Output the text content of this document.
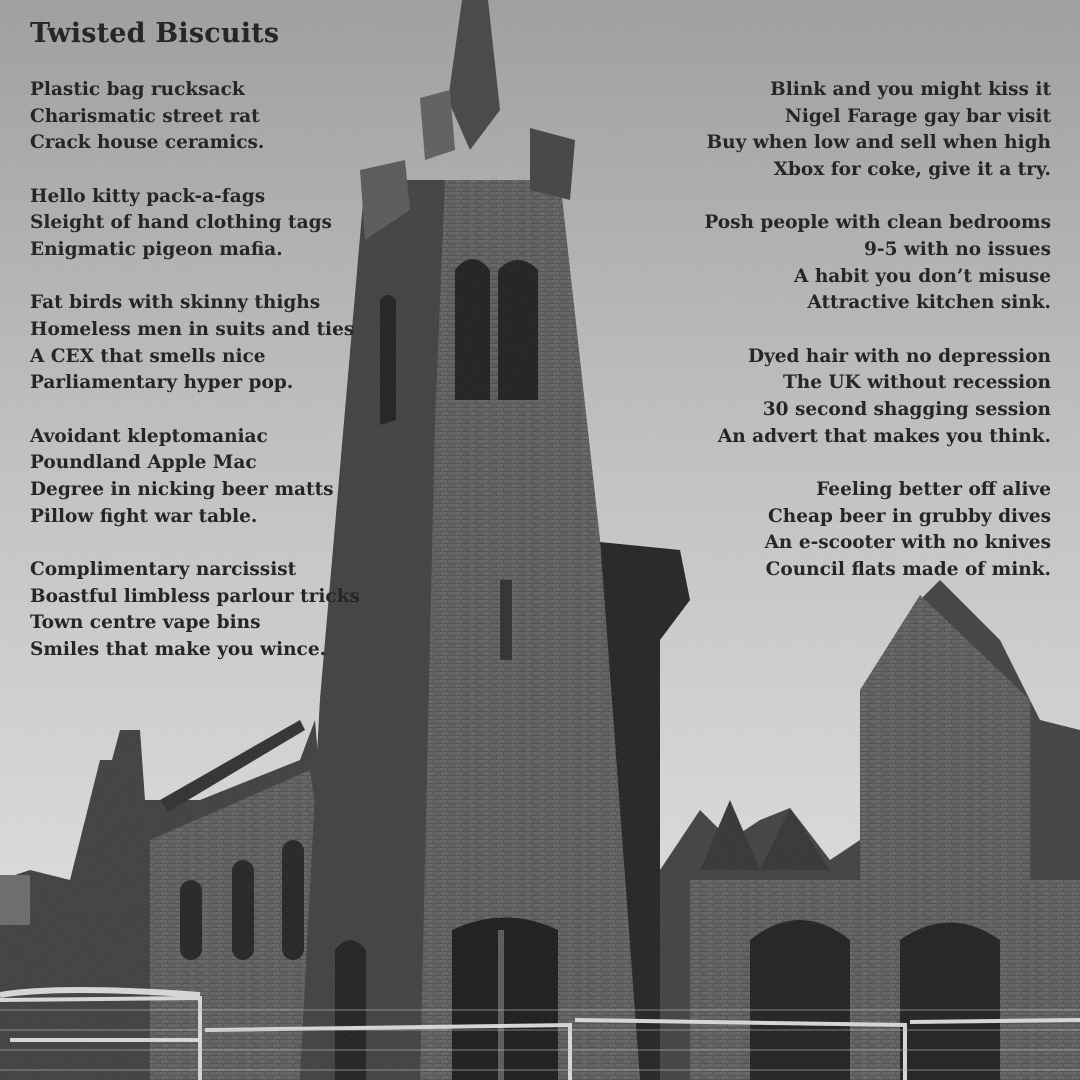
Twisted Biscuits
Plastic bag rucksack
Charismatic street rat
Crack house ceramics.
Hello kitty pack-a-fags
Sleight of hand clothing tags
Enigmatic pigeon mafia.
Fat birds with skinny thighs
Homeless men in suits and ties
A CEX that smells nice
Parliamentary hyper pop.
Avoidant kleptomaniac
Poundland Apple Mac
Degree in nicking beer matts
Pillow fight war table.
Complimentary narcissist
Boastful limbless parlour tricks
Town centre vape bins
Smiles that make you wince.
Blink and you might kiss it
Nigel Farage gay bar visit
Buy when low and sell when high
Xbox for coke, give it a try.
Posh people with clean bedrooms
9-5 with no issues
A habit you don’t misuse
Attractive kitchen sink.
Dyed hair with no depression
The UK without recession
30 second shagging session
An advert that makes you think.
Feeling better off alive
Cheap beer in grubby dives
An e-scooter with no knives
Council flats made of mink.
